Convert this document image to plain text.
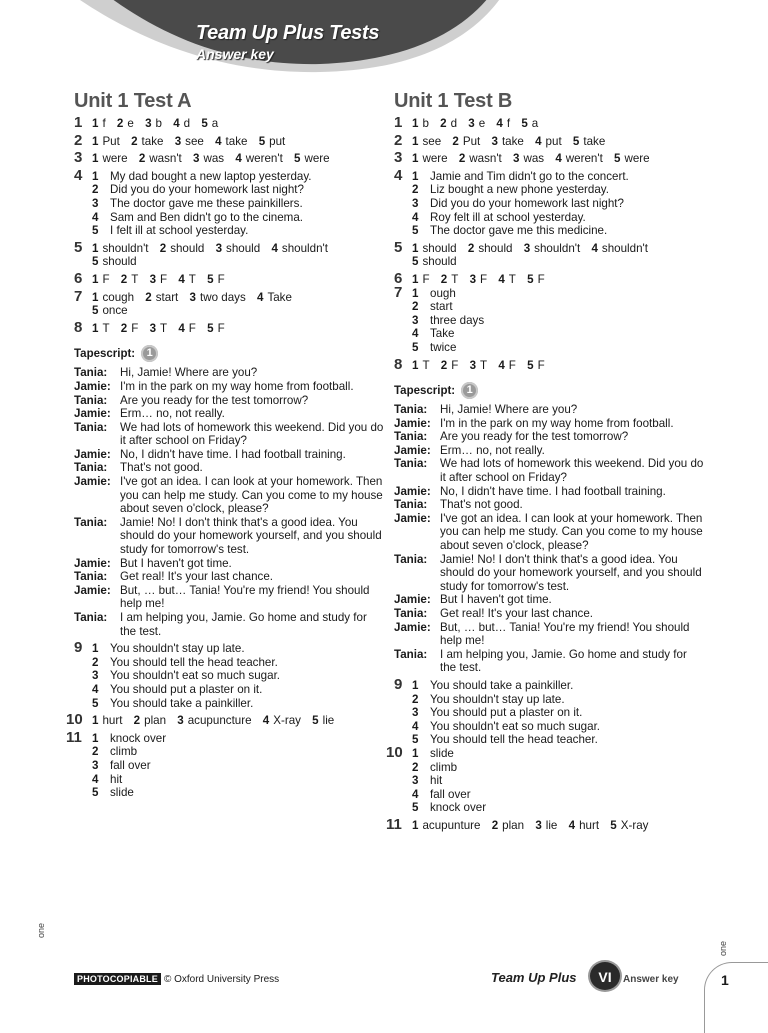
Team Up Plus Tests
Answer key
Unit 1 Test A
1 1 f 2 e 3 b 4 d 5 a
2 1 Put 2 take 3 see 4 take 5 put
3 1 were 2 wasn't 3 was 4 weren't 5 were
4 1 My dad bought a new laptop yesterday.
2 Did you do your homework last night?
3 The doctor gave me these painkillers.
4 Sam and Ben didn't go to the cinema.
5 I felt ill at school yesterday.
5 1 shouldn't 2 should 3 should 4 shouldn't
5 should
6 1 F 2 T 3 F 4 T 5 F
7 1 cough 2 start 3 two days 4 Take
5 once
8 1 T 2 F 3 T 4 F 5 F
Tapescript:	1
Tania: Hi, Jamie! Where are you?
Jamie: I'm in the park on my way home from football.
Tania: Are you ready for the test tomorrow?
Jamie: Erm… no, not really.
Tania: We had lots of homework this weekend. Did you do it after school on Friday?
Jamie: No, I didn't have time. I had football training.
Tania: That's not good.
Jamie: I've got an idea. I can look at your homework. Then you can help me study. Can you come to my house about seven o'clock, please?
Tania: Jamie! No! I don't think that's a good idea. You should do your homework yourself, and you should study for tomorrow's test.
Jamie: But I haven't got time.
Tania: Get real! It's your last chance.
Jamie: But, … but… Tania! You're my friend! You should help me!
Tania: I am helping you, Jamie. Go home and study for the test.
9 1 You shouldn't stay up late.
2 You should tell the head teacher.
3 You shouldn't eat so much sugar.
4 You should put a plaster on it.
5 You should take a painkiller.
10 1 hurt 2 plan 3 acupuncture 4 X-ray 5 lie
11 1 knock over
2 climb
3 fall over
4 hit
5 slide
Unit 1 Test B
1 1 b 2 d 3 e 4 f 5 a
2 1 see 2 Put 3 take 4 put 5 take
3 1 were 2 wasn't 3 was 4 weren't 5 were
4 1 Jamie and Tim didn't go to the concert.
2 Liz bought a new phone yesterday.
3 Did you do your homework last night?
4 Roy felt ill at school yesterday.
5 The doctor gave me this medicine.
5 1 should 2 should 3 shouldn't 4 shouldn't
5 should
6 1 F 2 T 3 F 4 T 5 F
7 1 ough
2 start
3 three days
4 Take
5 twice
8 1 T 2 F 3 T 4 F 5 F
Tapescript:	1
Tania: Hi, Jamie! Where are you?
Jamie: I'm in the park on my way home from football.
Tania: Are you ready for the test tomorrow?
Jamie: Erm… no, not really.
Tania: We had lots of homework this weekend. Did you do it after school on Friday?
Jamie: No, I didn't have time. I had football training.
Tania: That's not good.
Jamie: I've got an idea. I can look at your homework. Then you can help me study. Can you come to my house about seven o'clock, please?
Tania: Jamie! No! I don't think that's a good idea. You should do your homework yourself, and you should study for tomorrow's test.
Jamie: But I haven't got time.
Tania: Get real! It's your last chance.
Jamie: But, … but… Tania! You're my friend! You should help me!
Tania: I am helping you, Jamie. Go home and study for the test.
9 1 You should take a painkiller.
2 You shouldn't stay up late.
3 You should put a plaster on it.
4 You shouldn't eat so much sugar.
5 You should tell the head teacher.
10 1 slide
2 climb
3 hit
4 fall over
5 knock over
11 1 acupunture 2 plan 3 lie 4 hurt 5 X-ray
one
one
PHOTOCOPIABLE © Oxford University Press	Team Up Plus	VI	Answer key	1
